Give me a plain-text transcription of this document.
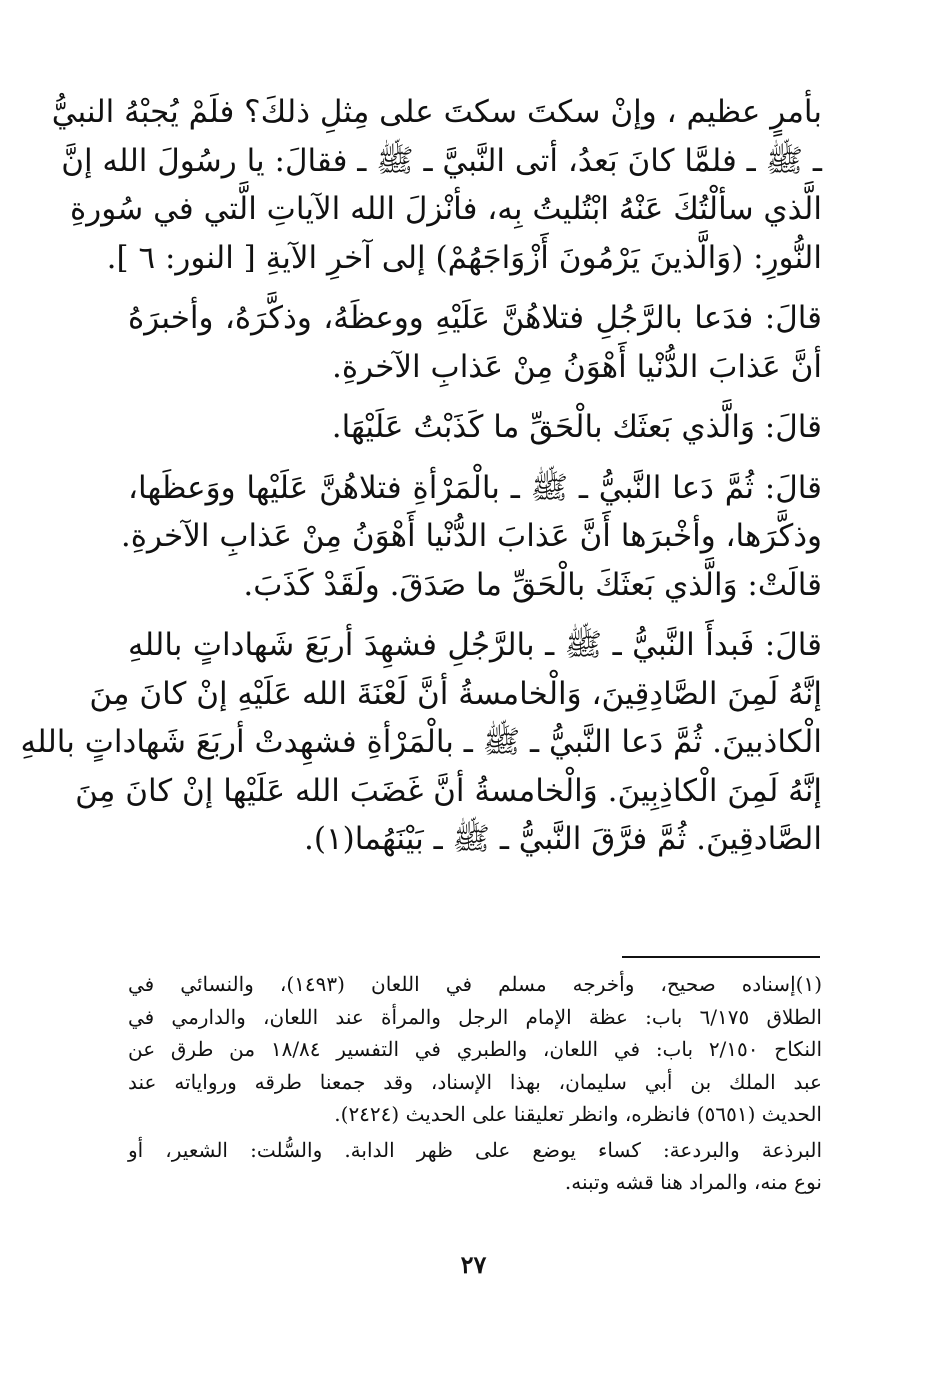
بأمرٍ عظيم ، وإنْ سكتَ سكتَ على مِثلِ ذلكَ؟ فلَمْ يُجبْهُ النبيُّ
ـ ﷺ ـ فلمَّا كانَ بَعدُ، أتى النَّبيَّ ـ ﷺ ـ فقالَ: يا رسُولَ الله إنَّ
الَّذي سألْتُكَ عَنْهُ ابْتُليتُ بِه، فأنْزلَ الله الآياتِ الَّتي في سُورةِ
النُّورِ: (وَالَّذينَ يَرْمُونَ أَزْوَاجَهُمْ) إلى آخرِ الآيةِ [ النور: ٦ ].
قالَ: فدَعا بالرَّجُلِ فتلاهُنَّ عَلَيْهِ ووعظَهُ، وذكَّرَهُ، وأخبرَهُ
أنَّ عَذابَ الدُّنْيا أَهْوَنُ مِنْ عَذابِ الآخرةِ.
قالَ: وَالَّذي بَعثَك بالْحَقِّ ما كَذَبْتُ عَلَيْهَا.
قالَ: ثُمَّ دَعا النَّبيُّ ـ ﷺ ـ بالْمَرْأةِ فتلاهُنَّ عَلَيْها ووَعظَها،
وذكَّرَها، وأخْبرَها أَنَّ عَذابَ الدُّنْيا أَهْوَنُ مِنْ عَذابِ الآخرةِ.
قالَتْ: وَالَّذي بَعثَكَ بالْحَقِّ ما صَدَقَ. ولَقَدْ كَذَبَ.
قالَ: فَبدأَ النَّبيُّ ـ ﷺ ـ بالرَّجُلِ فشهِدَ أربَعَ شَهاداتٍ باللهِ
إنَّهُ لَمِنَ الصَّادِقِينَ، وَالْخامسةُ أنَّ لَعْنَةَ الله عَلَيْهِ إنْ كانَ مِنَ
الْكاذبينَ. ثُمَّ دَعا النَّبيُّ ـ ﷺ ـ بالْمَرْأةِ فشهِدتْ أربَعَ شَهاداتٍ باللهِ
إنَّهُ لَمِنَ الْكاذِبِينَ. وَالْخامسةُ أنَّ غَضَبَ الله عَلَيْها إنْ كانَ مِنَ
الصَّادقِينَ. ثُمَّ فرَّقَ النَّبيُّ ـ ﷺ ـ بَيْنَهُما(١).
(١)إسناده صحيح، وأخرجه مسلم في اللعان (١٤٩٣)، والنسائي في
الطلاق ٦/١٧٥ باب: عظة الإمام الرجل والمرأة عند اللعان، والدارمي في
النكاح ٢/١٥٠ باب: في اللعان، والطبري في التفسير ١٨/٨٤ من طرق عن
عبد الملك بن أبي سليمان، بهذا الإسناد، وقد جمعنا طرقه ورواياته عند
الحديث (٥٦٥١) فانظره، وانظر تعليقنا على الحديث (٢٤٢٤).
البرذعة والبردعة: كساء يوضع على ظهر الدابة. والسُّلت: الشعير، أو
نوع منه، والمراد هنا قشه وتبنه.
٢٧
